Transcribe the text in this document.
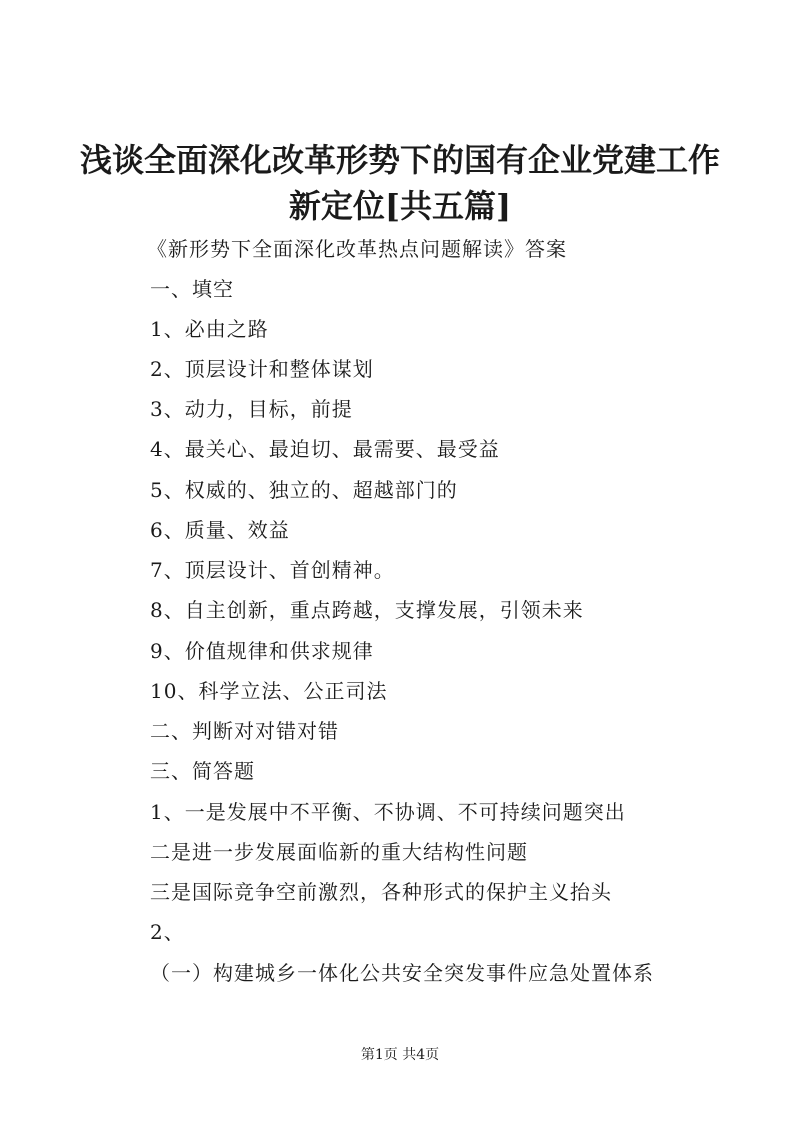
浅谈全面深化改革形势下的国有企业党建工作
新定位[共五篇]
《新形势下全面深化改革热点问题解读》答案
一、填空
1、必由之路
2、顶层设计和整体谋划
3、动力，目标，前提
4、最关心、最迫切、最需要、最受益
5、权威的、独立的、超越部门的
6、质量、效益
7、顶层设计、首创精神。
8、自主创新，重点跨越，支撑发展，引领未来
9、价值规律和供求规律
10、科学立法、公正司法
二、判断对对错对错
三、简答题
1、一是发展中不平衡、不协调、不可持续问题突出
二是进一步发展面临新的重大结构性问题
三是国际竞争空前激烈，各种形式的保护主义抬头
2、
（一）构建城乡一体化公共安全突发事件应急处置体系
第1页 共4页
